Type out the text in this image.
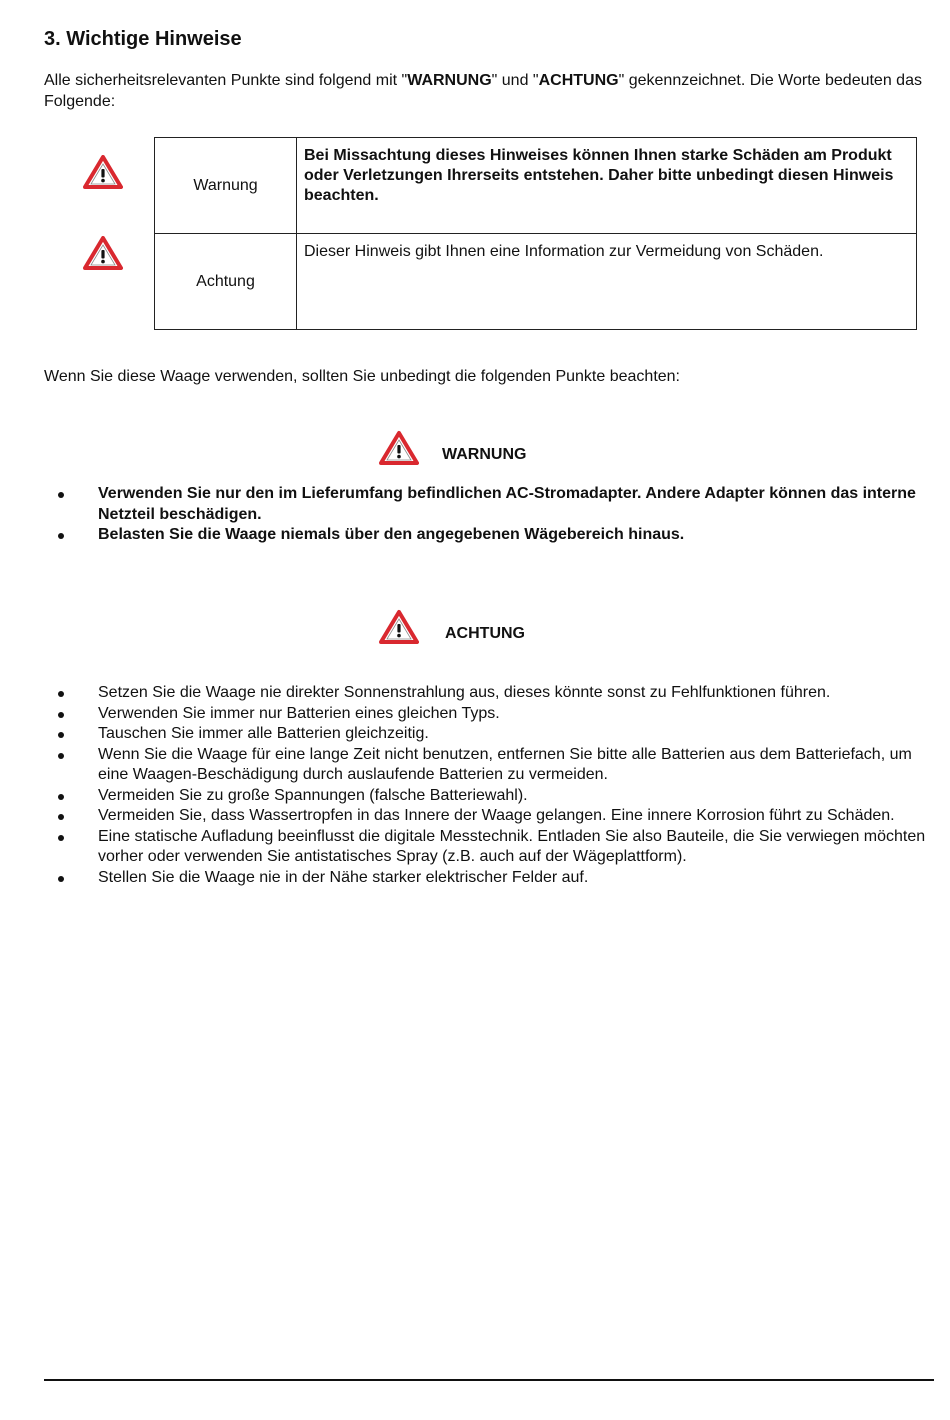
3. Wichtige Hinweise

Alle sicherheitsrelevanten Punkte sind folgend mit "WARNUNG" und "ACHTUNG" gekennzeichnet. Die Worte bedeuten das Folgende:

Warnung	Bei Missachtung dieses Hinweises können Ihnen starke Schäden am Produkt oder Verletzungen Ihrerseits entstehen. Daher bitte unbedingt diesen Hinweis beachten.
Achtung	Dieser Hinweis gibt Ihnen eine Information zur Vermeidung von Schäden.

Wenn Sie diese Waage verwenden, sollten Sie unbedingt die folgenden Punkte beachten:

WARNUNG
Verwenden Sie nur den im Lieferumfang befindlichen AC-Stromadapter. Andere Adapter können das interne Netzteil beschädigen.
Belasten Sie die Waage niemals über den angegebenen Wägebereich hinaus.
ACHTUNG
Setzen Sie die Waage nie direkter Sonnenstrahlung aus, dieses könnte sonst zu Fehlfunktionen führen.
Verwenden Sie immer nur Batterien eines gleichen Typs.
Tauschen Sie immer alle Batterien gleichzeitig.
Wenn Sie die Waage für eine lange Zeit nicht benutzen, entfernen Sie bitte alle Batterien aus dem Batteriefach, um eine Waagen-Beschädigung durch auslaufende Batterien zu vermeiden.
Vermeiden Sie zu große Spannungen (falsche Batteriewahl).
Vermeiden Sie, dass Wassertropfen in das Innere der Waage gelangen. Eine innere Korrosion führt zu Schäden.
Eine statische Aufladung beeinflusst die digitale Messtechnik. Entladen Sie also Bauteile, die Sie verwiegen möchten vorher oder verwenden Sie antistatisches Spray (z.B. auch auf der Wägeplattform).
Stellen Sie die Waage nie in der Nähe starker elektrischer Felder auf.
